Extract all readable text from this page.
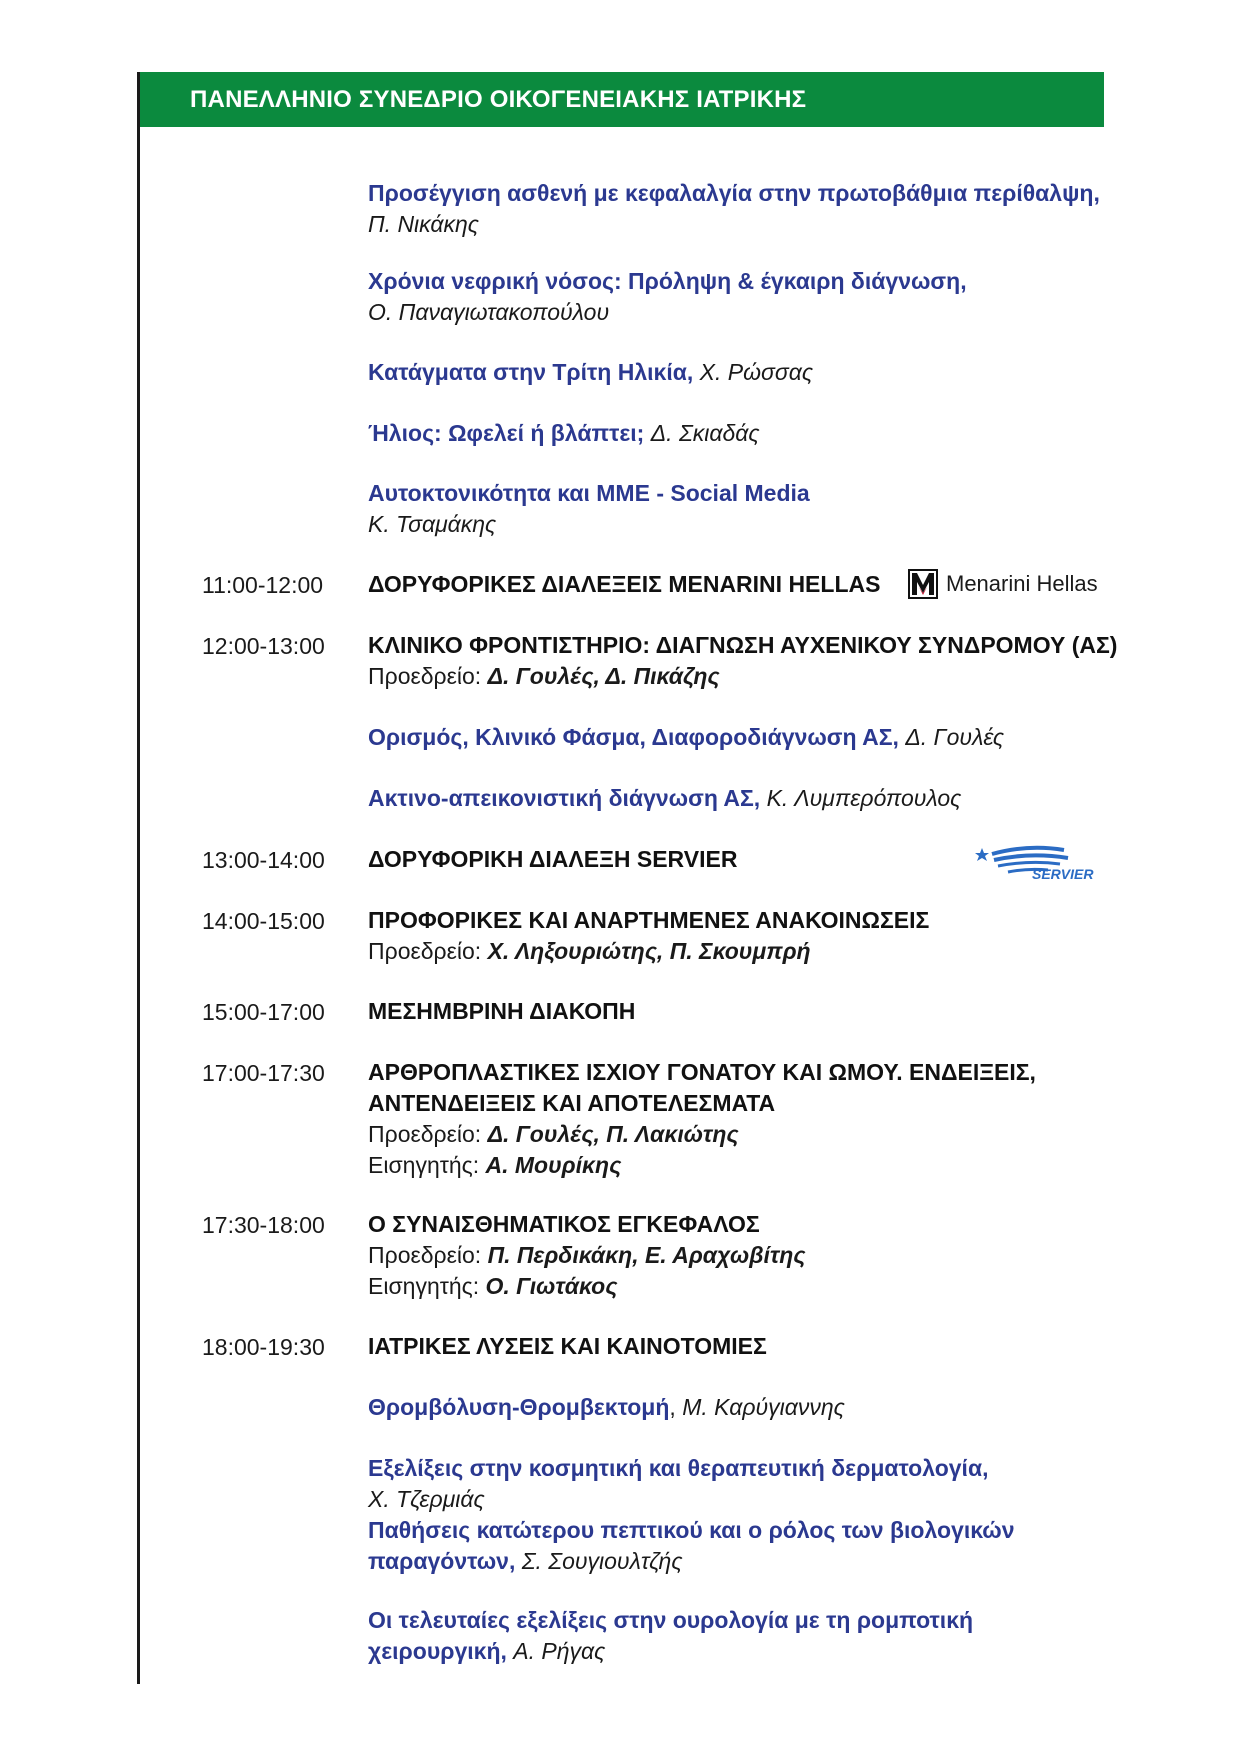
ΠΑΝΕΛΛΗΝΙΟ ΣΥΝΕΔΡΙΟ ΟΙΚΟΓΕΝΕΙΑΚΗΣ ΙΑΤΡΙΚΗΣ
Προσέγγιση ασθενή με κεφαλαλγία στην πρωτοβάθμια περίθαλψη,
Π. Νικάκης
Χρόνια νεφρική νόσος: Πρόληψη & έγκαιρη διάγνωση,
Ο. Παναγιωτακοπούλου
Κατάγματα στην Τρίτη Ηλικία, Χ. Ρώσσας
Ήλιος: Ωφελεί ή βλάπτει; Δ. Σκιαδάς
Αυτοκτονικότητα και ΜΜΕ - Social Media
Κ. Τσαμάκης
11:00-12:00 ΔΟΡΥΦΟΡΙΚΕΣ ΔΙΑΛΕΞΕΙΣ MENARINI HELLAS	Menarini Hellas
12:00-13:00 ΚΛΙΝΙΚΟ ΦΡΟΝΤΙΣΤΗΡΙΟ: ΔΙΑΓΝΩΣΗ ΑΥΧΕΝΙΚΟΥ ΣΥΝΔΡΟΜΟΥ (ΑΣ)
Προεδρείο: Δ. Γουλές, Δ. Πικάζης
Ορισμός, Κλινικό Φάσμα, Διαφοροδιάγνωση ΑΣ, Δ. Γουλές
Ακτινο-απεικονιστική διάγνωση ΑΣ, Κ. Λυμπερόπουλος
13:00-14:00 ΔΟΡΥΦΟΡΙΚΗ ΔΙΑΛΕΞΗ SERVIER
SERVIER
14:00-15:00 ΠΡΟΦΟΡΙΚΕΣ ΚΑΙ ΑΝΑΡΤΗΜΕΝΕΣ ΑΝΑΚΟΙΝΩΣΕΙΣ
Προεδρείο: Χ. Ληξουριώτης, Π. Σκουμπρή
15:00-17:00 ΜΕΣΗΜΒΡΙΝΗ ΔΙΑΚΟΠΗ
17:00-17:30 ΑΡΘΡΟΠΛΑΣΤΙΚΕΣ ΙΣΧΙΟΥ ΓΟΝΑΤΟΥ ΚΑΙ ΩΜΟΥ. ΕΝΔΕΙΞΕΙΣ,
ΑΝΤΕΝΔΕΙΞΕΙΣ ΚΑΙ ΑΠΟΤΕΛΕΣΜΑΤΑ
Προεδρείο: Δ. Γουλές, Π. Λακιώτης
Εισηγητής: Α. Μουρίκης
17:30-18:00 Ο ΣΥΝΑΙΣΘΗΜΑΤΙΚΟΣ ΕΓΚΕΦΑΛΟΣ
Προεδρείο: Π. Περδικάκη, Ε. Αραχωβίτης
Εισηγητής: Ο. Γιωτάκος
18:00-19:30 ΙΑΤΡΙΚΕΣ ΛΥΣΕΙΣ ΚΑΙ ΚΑΙΝΟΤΟΜΙΕΣ
Θρομβόλυση-Θρομβεκτομή, Μ. Καρύγιαννης
Εξελίξεις στην κοσμητική και θεραπευτική δερματολογία,
Χ. Τζερμιάς
Παθήσεις κατώτερου πεπτικού και ο ρόλος των βιολογικών
παραγόντων, Σ. Σουγιουλτζής
Οι τελευταίες εξελίξεις στην ουρολογία με τη ρομποτική
χειρουργική, Α. Ρήγας
